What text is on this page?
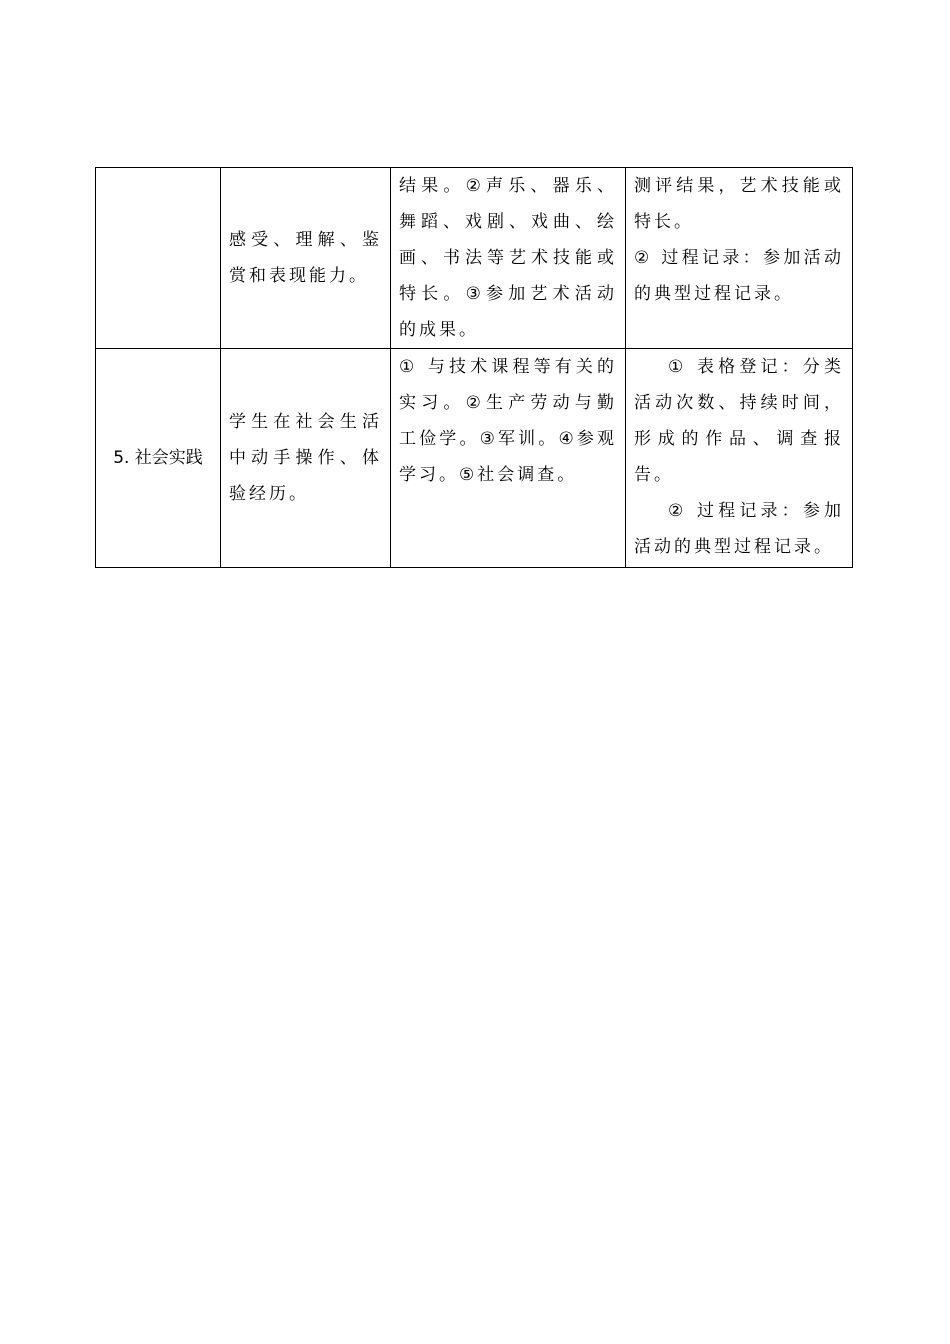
	感受、理解、鉴赏和表现能力。	结果。②声乐、器乐、舞蹈、戏剧、戏曲、绘画、书法等艺术技能或特长。③参加艺术活动的成果。	测评结果，艺术技能或特长。
② 过程记录：参加活动的典型过程记录。

5. 社会实践	学生在社会生活中动手操作、体验经历。	① 与技术课程等有关的实习。②生产劳动与勤工俭学。③军训。④参观学习。⑤社会调查。	① 表格登记：分类活动次数、持续时间，形成的作品、调查报告。
② 过程记录：参加活动的典型过程记录。
